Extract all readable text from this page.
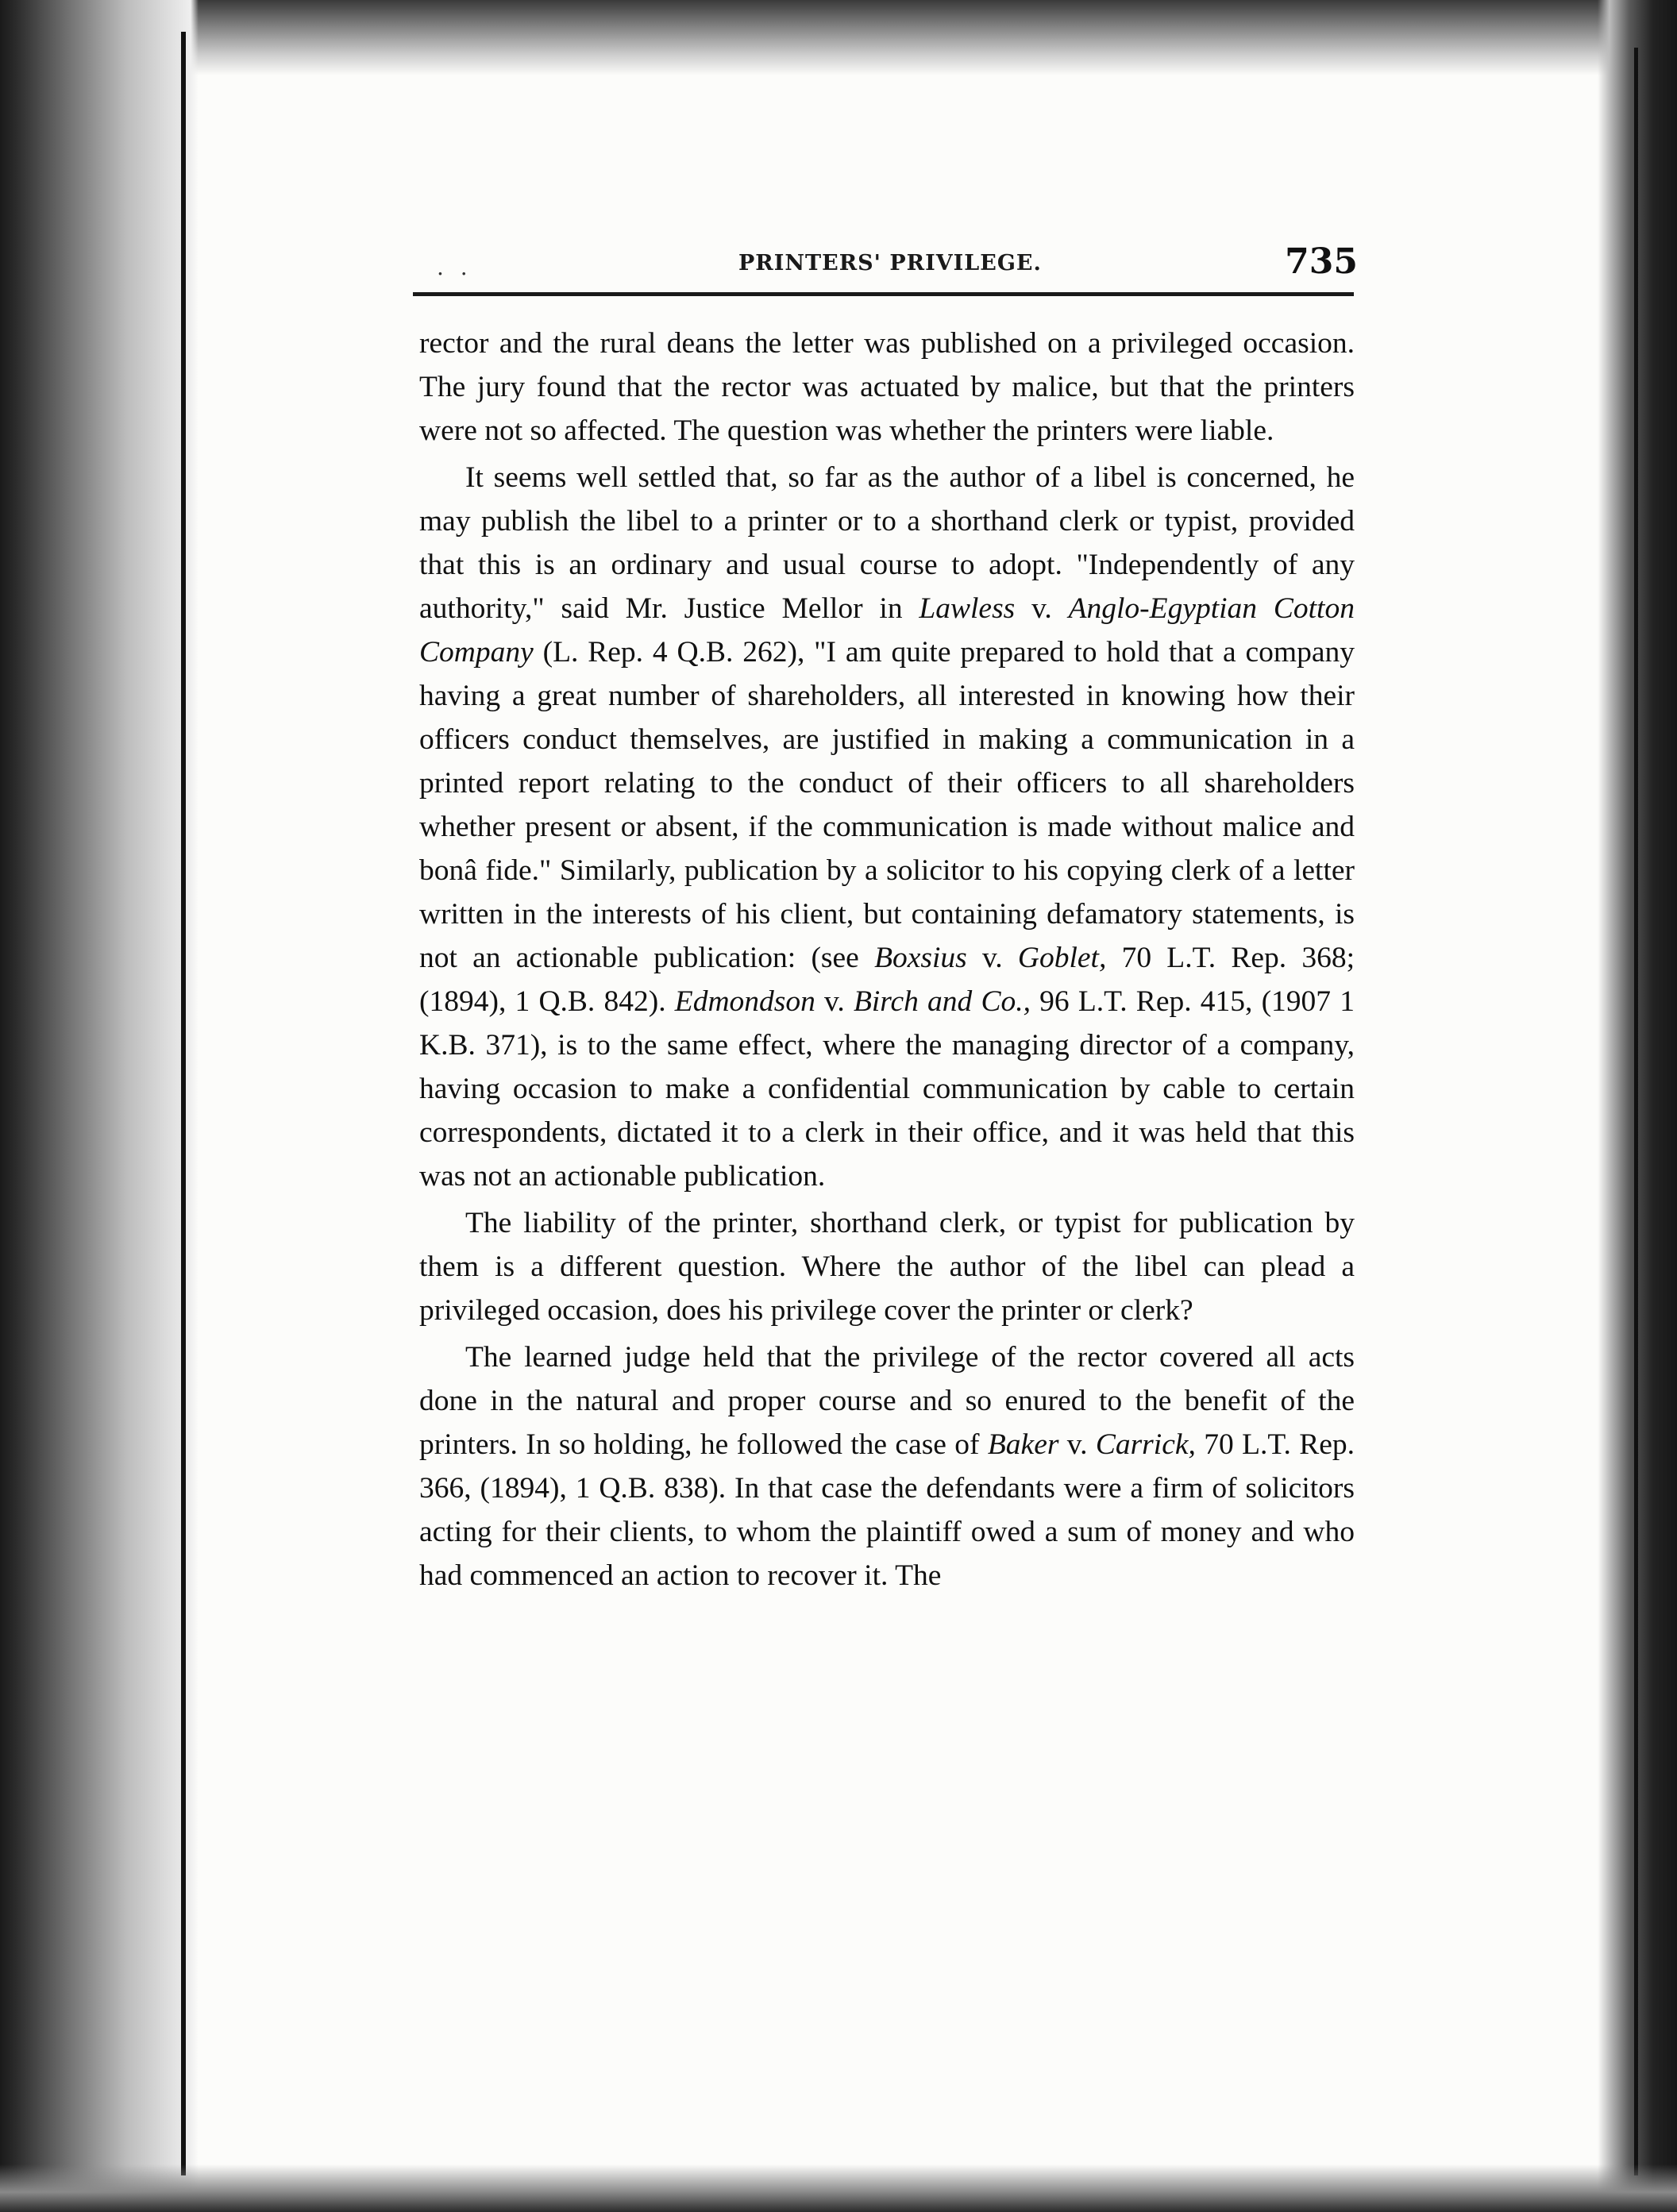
. .	PRINTERS' PRIVILEGE.	735

rector and the rural deans the letter was published on a privileged occasion. The jury found that the rector was actuated by malice, but that the printers were not so affected. The question was whether the printers were liable.

It seems well settled that, so far as the author of a libel is concerned, he may publish the libel to a printer or to a shorthand clerk or typist, provided that this is an ordinary and usual course to adopt. "Independently of any authority," said Mr. Justice Mellor in Lawless v. Anglo-Egyptian Cotton Company (L. Rep. 4 Q.B. 262), "I am quite prepared to hold that a company having a great number of shareholders, all interested in knowing how their officers conduct themselves, are justified in making a communication in a printed report relating to the conduct of their officers to all shareholders whether present or absent, if the communication is made without malice and bonâ fide." Similarly, publication by a solicitor to his copying clerk of a letter written in the interests of his client, but containing defamatory statements, is not an actionable publication: (see Boxsius v. Goblet, 70 L.T. Rep. 368; (1894), 1 Q.B. 842). Edmondson v. Birch and Co., 96 L.T. Rep. 415, (1907 1 K.B. 371), is to the same effect, where the managing director of a company, having occasion to make a confidential communication by cable to certain correspondents, dictated it to a clerk in their office, and it was held that this was not an actionable publication.

The liability of the printer, shorthand clerk, or typist for publication by them is a different question. Where the author of the libel can plead a privileged occasion, does his privilege cover the printer or clerk?

The learned judge held that the privilege of the rector covered all acts done in the natural and proper course and so enured to the benefit of the printers. In so holding, he followed the case of Baker v. Carrick, 70 L.T. Rep. 366, (1894), 1 Q.B. 838). In that case the defendants were a firm of solicitors acting for their clients, to whom the plaintiff owed a sum of money and who had commenced an action to recover it. The
